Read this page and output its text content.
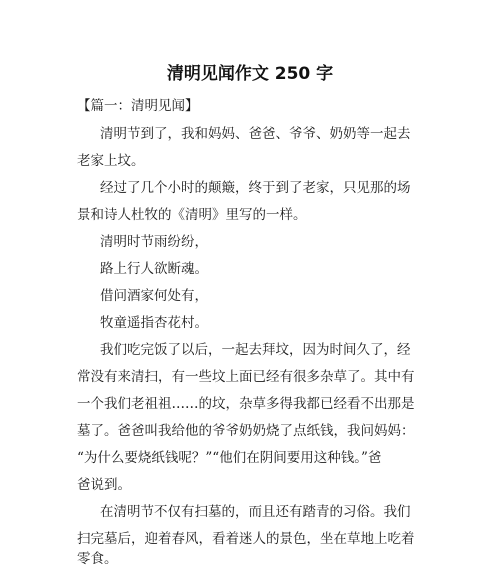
清明见闻作文 250 字
【篇一：清明见闻】
清明节到了，我和妈妈、爸爸、爷爷、奶奶等一起去
老家上坟。
经过了几个小时的颠簸，终于到了老家，只见那的场
景和诗人杜牧的《清明》里写的一样。
清明时节雨纷纷，
路上行人欲断魂。
借问酒家何处有，
牧童遥指杏花村。
我们吃完饭了以后，一起去拜坟，因为时间久了，经
常没有来清扫，有一些坟上面已经有很多杂草了。其中有
一个我们老祖祖……的坟，杂草多得我都已经看不出那是
墓了。爸爸叫我给他的爷爷奶奶烧了点纸钱，我问妈妈：
“为什么要烧纸钱呢？”“他们在阴间要用这种钱。”爸
爸说到。
在清明节不仅有扫墓的，而且还有踏青的习俗。我们
扫完墓后，迎着春风，看着迷人的景色，坐在草地上吃着
零食。
